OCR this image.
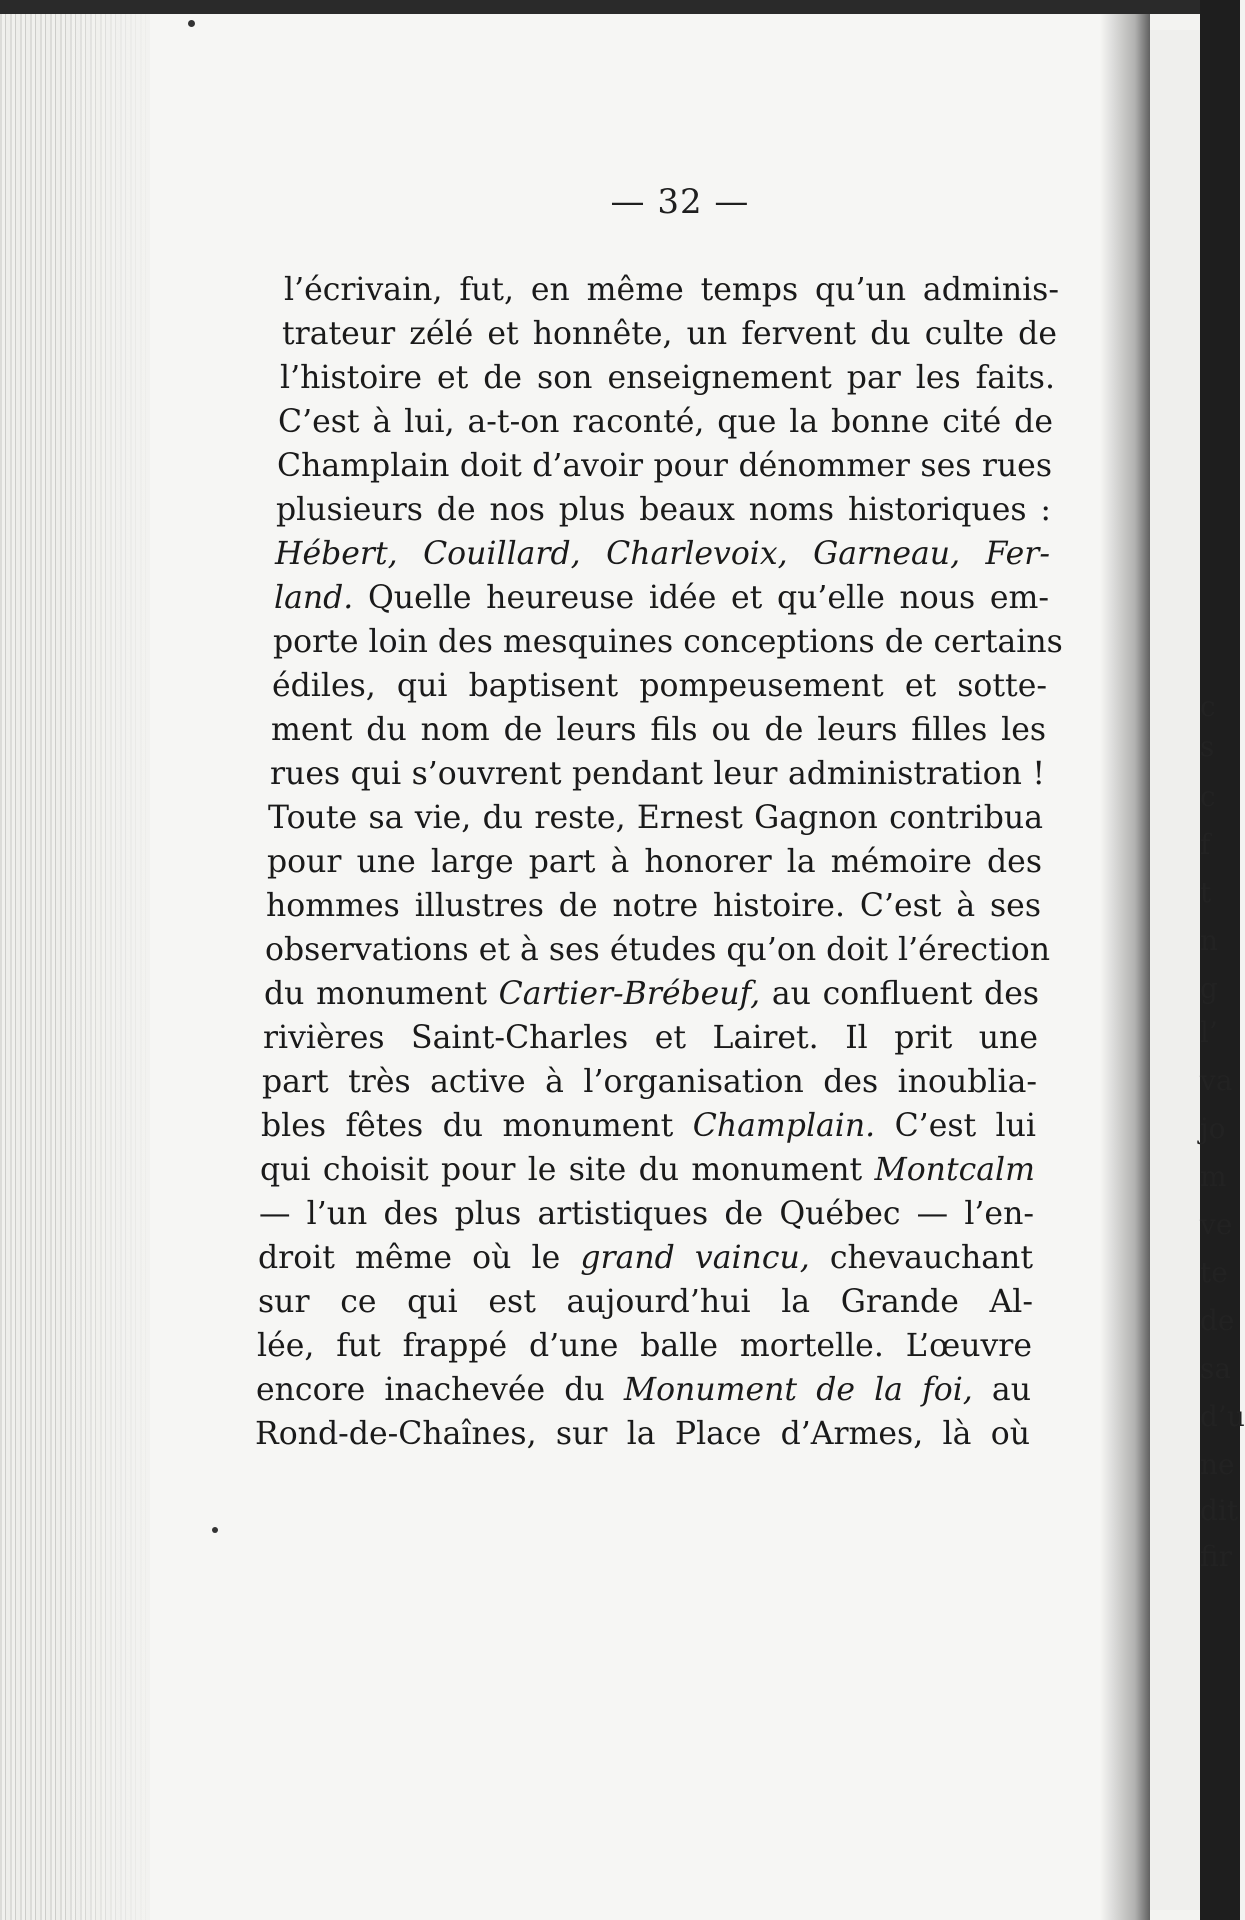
— 32 —
l’écrivain, fut, en même temps qu’un adminis-
trateur zélé et honnête, un fervent du culte de
l’histoire et de son enseignement par les faits.
C’est à lui, a-t-on raconté, que la bonne cité de
Champlain doit d’avoir pour dénommer ses rues
plusieurs de nos plus beaux noms historiques :
Hébert, Couillard, Charlevoix, Garneau, Fer-
land. Quelle heureuse idée et qu’elle nous em-
porte loin des mesquines conceptions de certains
édiles, qui baptisent pompeusement et sotte-
ment du nom de leurs fils ou de leurs filles les
rues qui s’ouvrent pendant leur administration !
Toute sa vie, du reste, Ernest Gagnon contribua
pour une large part à honorer la mémoire des
hommes illustres de notre histoire. C’est à ses
observations et à ses études qu’on doit l’érection
du monument Cartier-Brébeuf, au confluent des
rivières Saint-Charles et Lairet. Il prit une
part très active à l’organisation des inoublia-
bles fêtes du monument Champlain. C’est lui
qui choisit pour le site du monument Montcalm
— l’un des plus artistiques de Québec — l’en-
droit même où le grand vaincu, chevauchant
sur ce qui est aujourd’hui la Grande Al-
lée, fut frappé d’une balle mortelle. L’œuvre
encore inachevée du Monument de la foi, au
Rond-de-Chaînes, sur la Place d’Armes, là où
c
s
c
f
t
n
g
l’
va
jo
m
ve
te
de
sa
d’u
ne
dit
fir
